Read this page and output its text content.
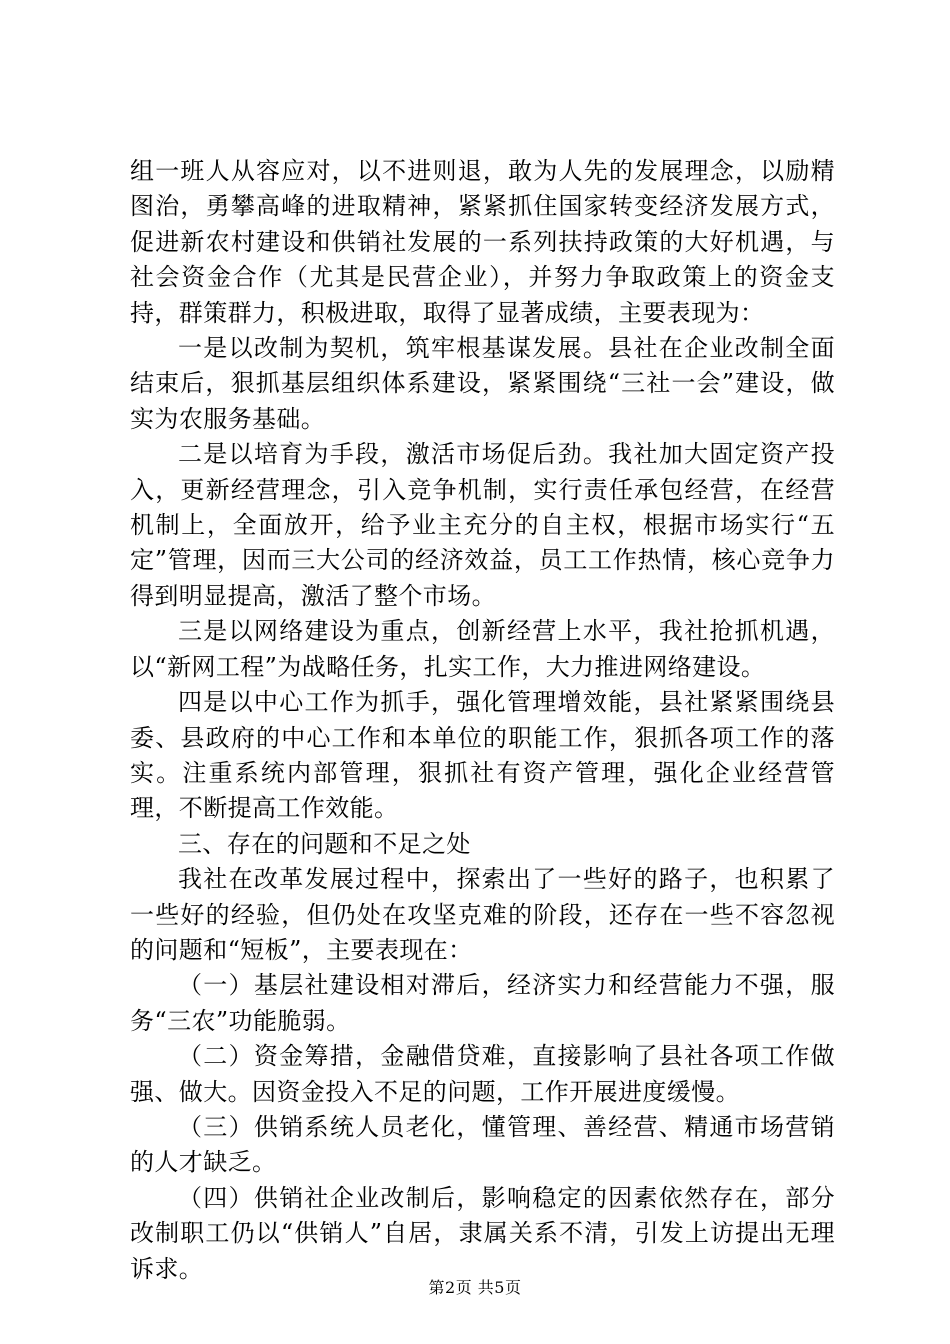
组一班人从容应对，以不进则退，敢为人先的发展理念，以励精图治，勇攀高峰的进取精神，紧紧抓住国家转变经济发展方式，促进新农村建设和供销社发展的一系列扶持政策的大好机遇，与社会资金合作（尤其是民营企业），并努力争取政策上的资金支持，群策群力，积极进取，取得了显著成绩，主要表现为：

一是以改制为契机，筑牢根基谋发展。县社在企业改制全面结束后，狠抓基层组织体系建设，紧紧围绕“三社一会”建设，做实为农服务基础。

二是以培育为手段，激活市场促后劲。我社加大固定资产投入，更新经营理念，引入竞争机制，实行责任承包经营，在经营机制上，全面放开，给予业主充分的自主权，根据市场实行“五定”管理，因而三大公司的经济效益，员工工作热情，核心竞争力得到明显提高，激活了整个市场。

三是以网络建设为重点，创新经营上水平，我社抢抓机遇，以“新网工程”为战略任务，扎实工作，大力推进网络建设。

四是以中心工作为抓手，强化管理增效能，县社紧紧围绕县委、县政府的中心工作和本单位的职能工作，狠抓各项工作的落实。注重系统内部管理，狠抓社有资产管理，强化企业经营管理，不断提高工作效能。

三、存在的问题和不足之处

我社在改革发展过程中，探索出了一些好的路子，也积累了一些好的经验，但仍处在攻坚克难的阶段，还存在一些不容忽视的问题和“短板”，主要表现在：

（一）基层社建设相对滞后，经济实力和经营能力不强，服务“三农”功能脆弱。

（二）资金筹措，金融借贷难，直接影响了县社各项工作做强、做大。因资金投入不足的问题，工作开展进度缓慢。

（三）供销系统人员老化，懂管理、善经营、精通市场营销的人才缺乏。

（四）供销社企业改制后，影响稳定的因素依然存在，部分改制职工仍以“供销人”自居，隶属关系不清，引发上访提出无理诉求。

第2页 共5页
